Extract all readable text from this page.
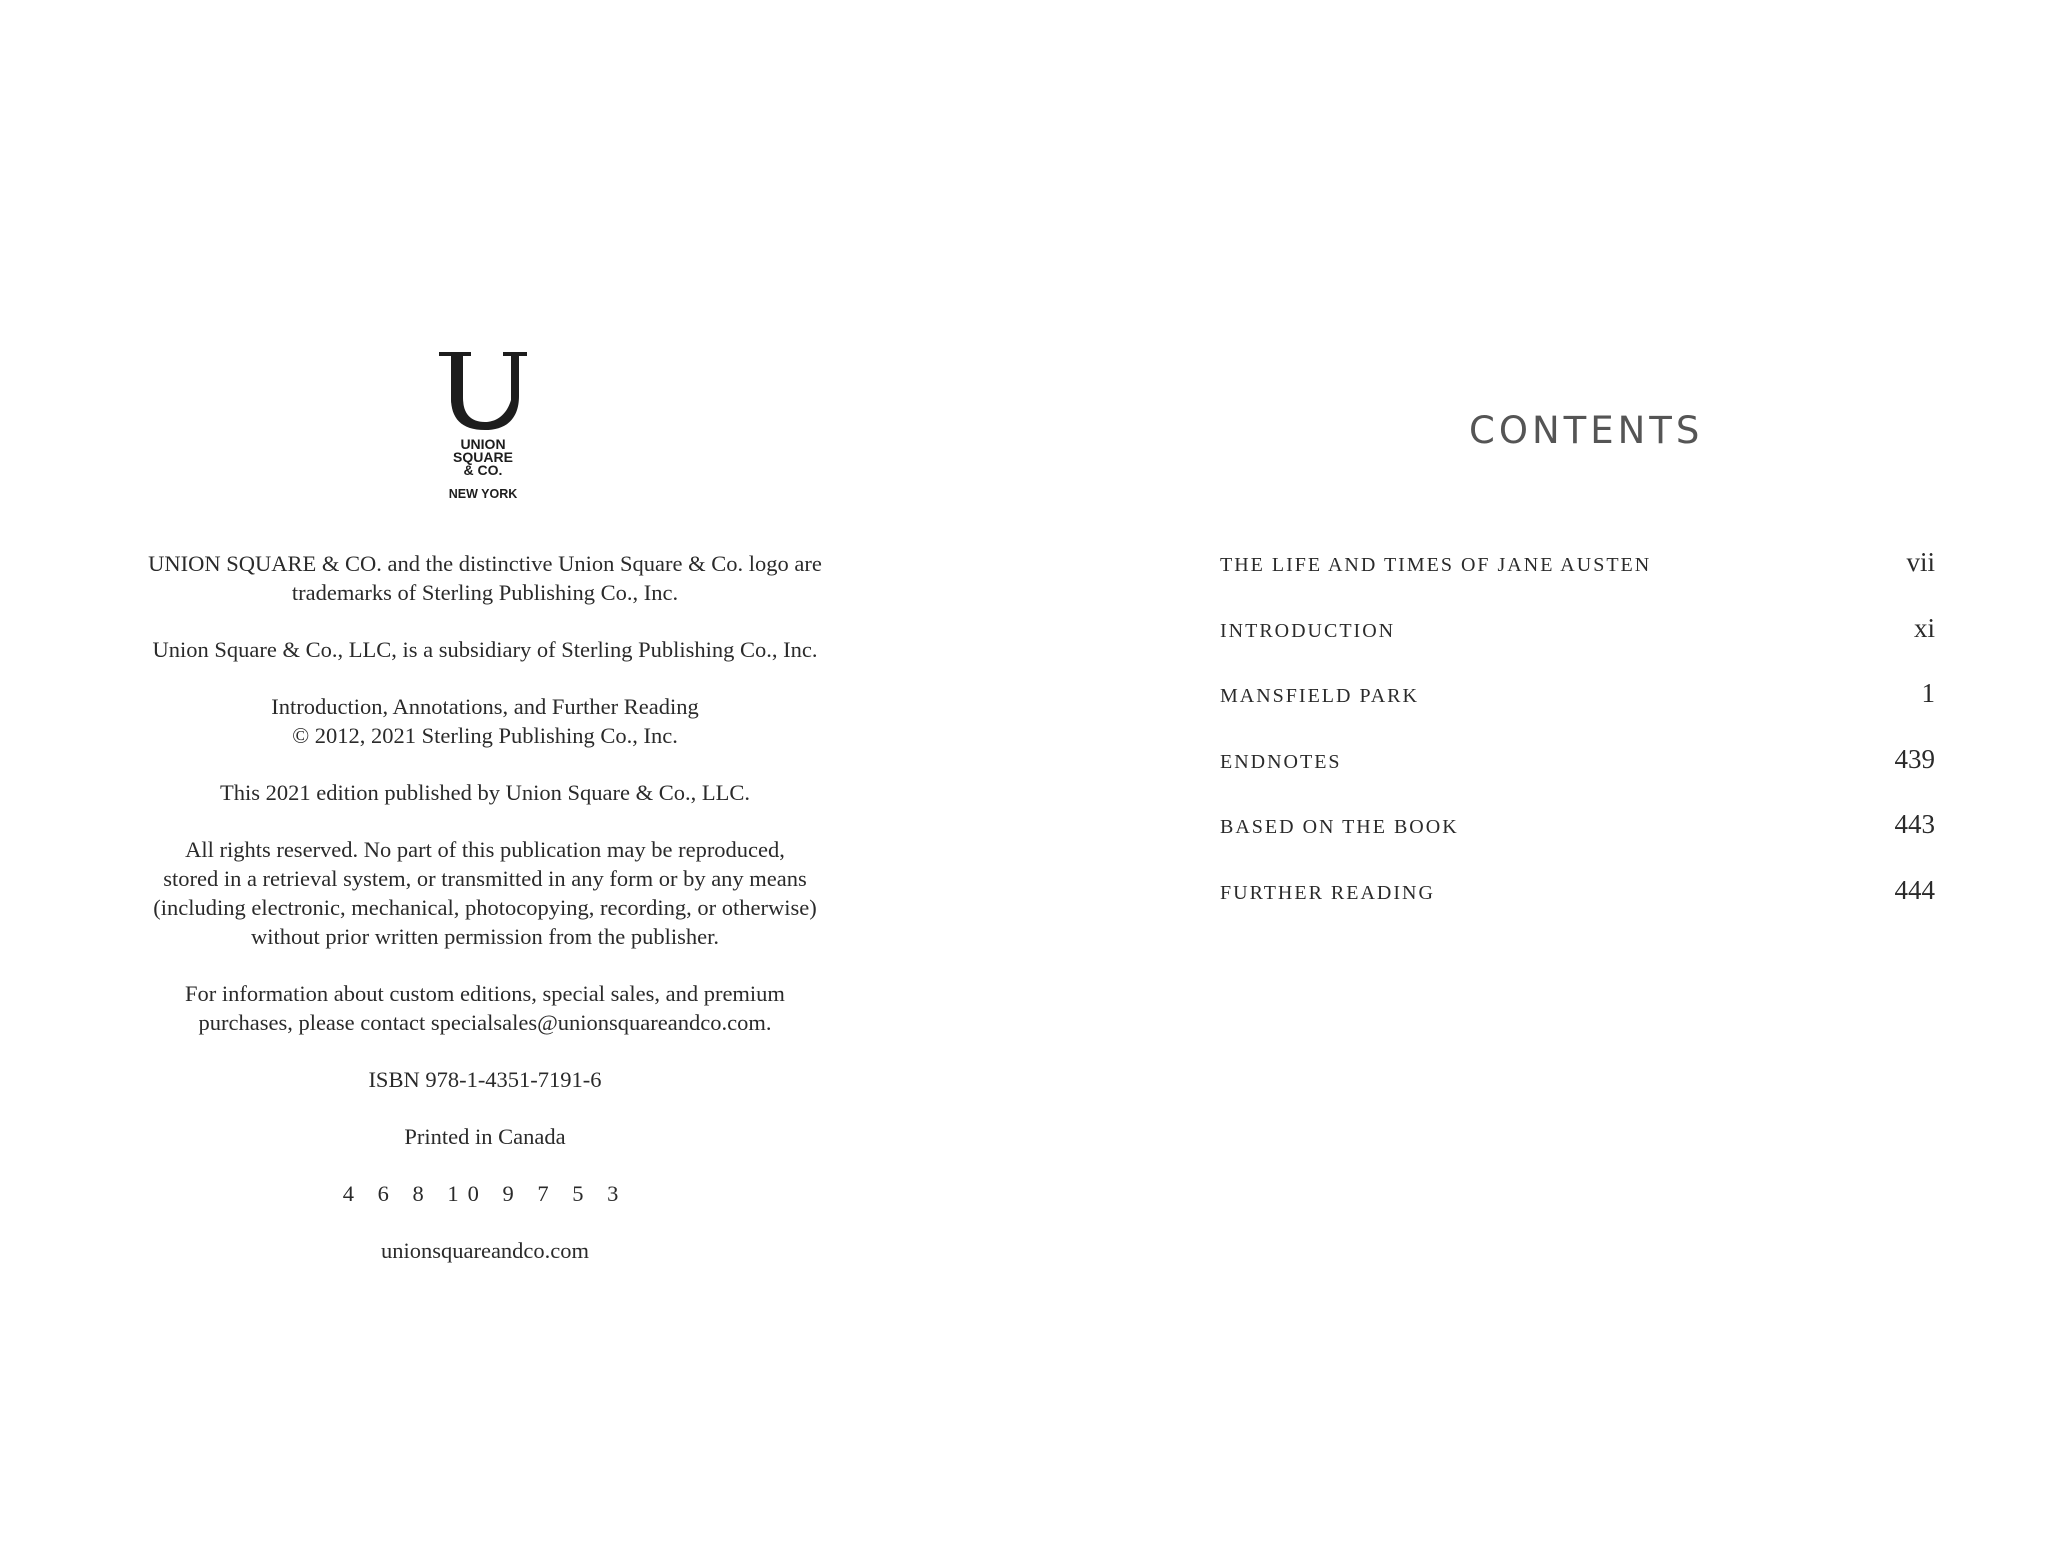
UNION
SQUARE
& CO.
NEW YORK

UNION SQUARE & CO. and the distinctive Union Square & Co. logo are
trademarks of Sterling Publishing Co., Inc.

Union Square & Co., LLC, is a subsidiary of Sterling Publishing Co., Inc.

Introduction, Annotations, and Further Reading
© 2012, 2021 Sterling Publishing Co., Inc.

This 2021 edition published by Union Square & Co., LLC.

All rights reserved. No part of this publication may be reproduced,
stored in a retrieval system, or transmitted in any form or by any means
(including electronic, mechanical, photocopying, recording, or otherwise)
without prior written permission from the publisher.

For information about custom editions, special sales, and premium
purchases, please contact specialsales@unionsquareandco.com.

ISBN 978-1-4351-7191-6

Printed in Canada

4 6 8 10 9 7 5 3

unionsquareandco.com

CONTENTS
THE LIFE AND TIMES OF JANE AUSTEN	vii
INTRODUCTION	xi
MANSFIELD PARK	1
ENDNOTES	439
BASED ON THE BOOK	443
FURTHER READING	444
